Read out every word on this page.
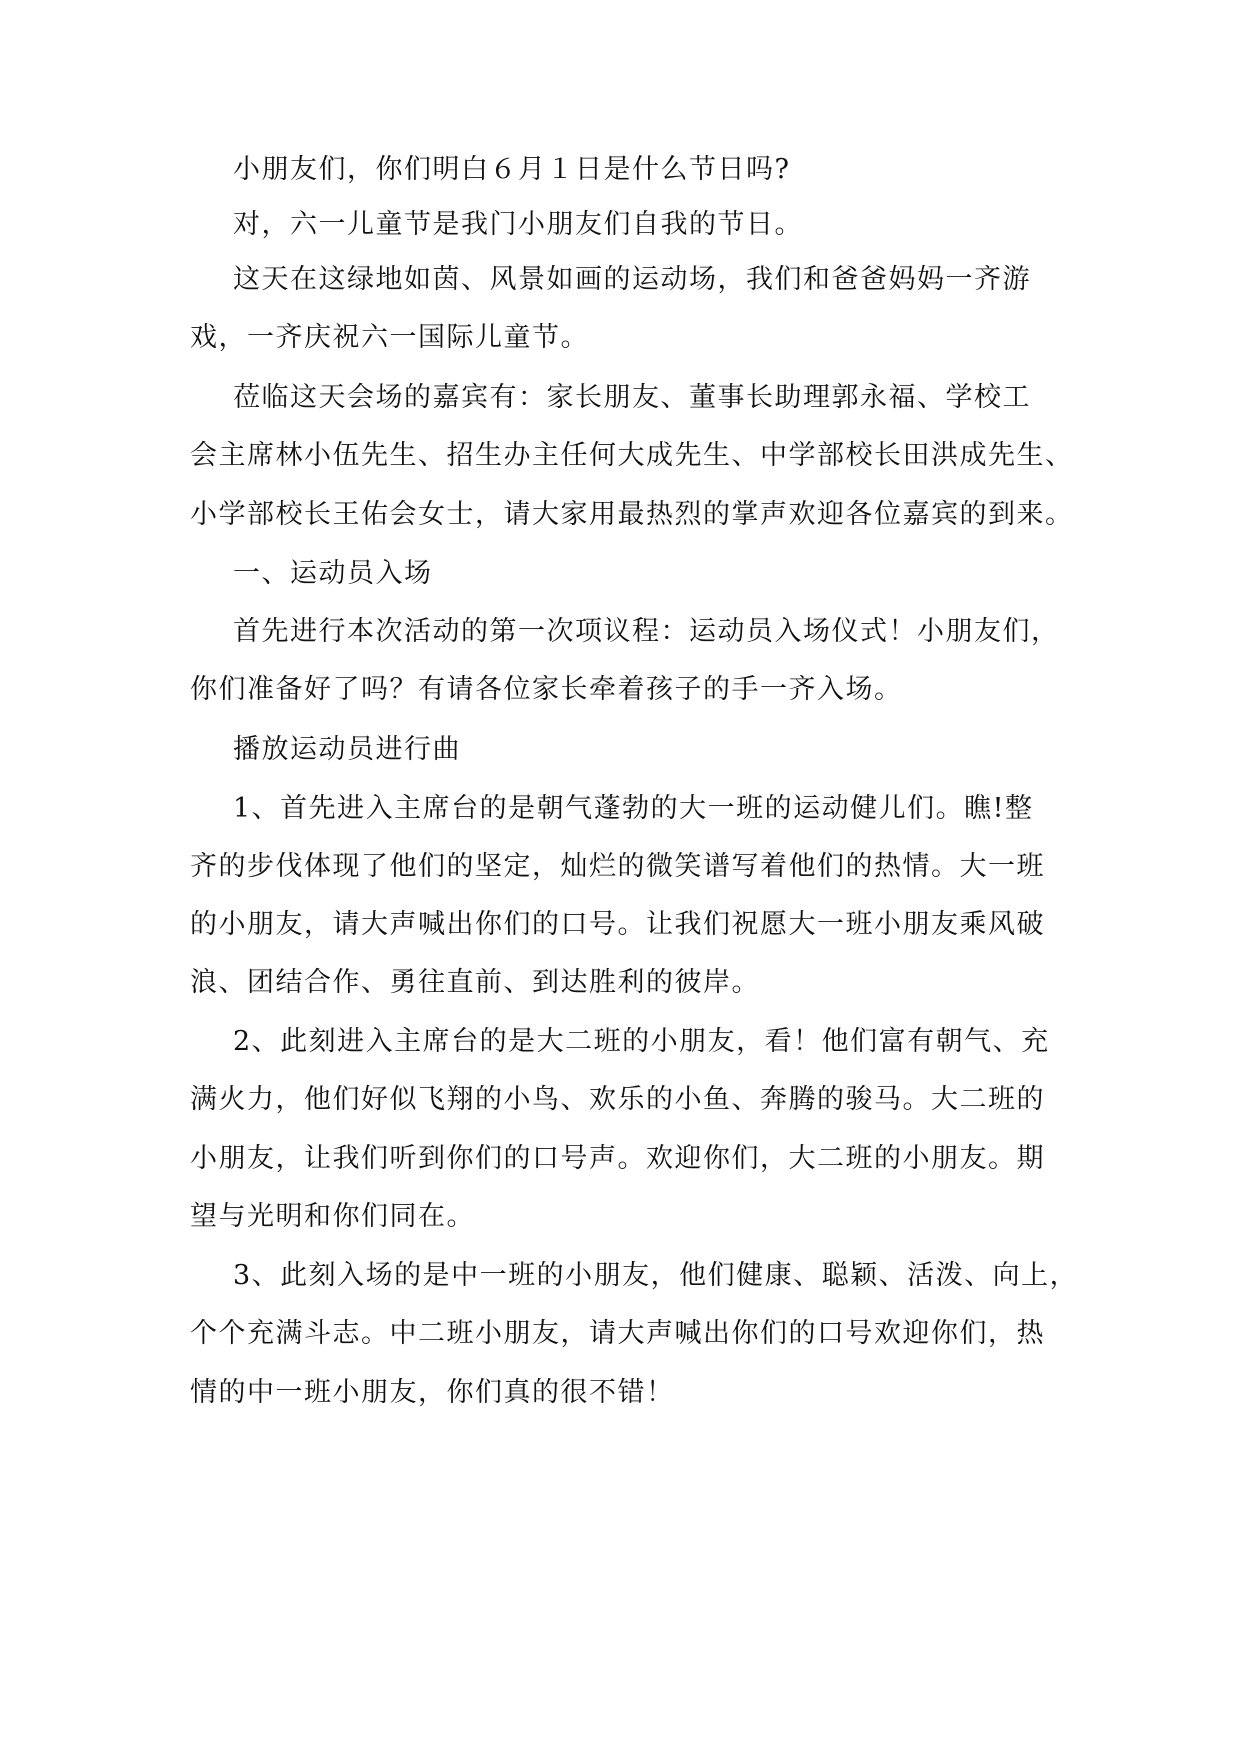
小朋友们，你们明白６月１日是什么节日吗?
对，六一儿童节是我门小朋友们自我的节日。
这天在这绿地如茵、风景如画的运动场，我们和爸爸妈妈一齐游
戏，一齐庆祝六一国际儿童节。
莅临这天会场的嘉宾有：家长朋友、董事长助理郭永福、学校工
会主席林小伍先生、招生办主任何大成先生、中学部校长田洪成先生、
小学部校长王佑会女士，请大家用最热烈的掌声欢迎各位嘉宾的到来。
一、运动员入场
首先进行本次活动的第一次项议程：运动员入场仪式！小朋友们，
你们准备好了吗？有请各位家长牵着孩子的手一齐入场。
播放运动员进行曲
1、首先进入主席台的是朝气蓬勃的大一班的运动健儿们。瞧!整
齐的步伐体现了他们的坚定，灿烂的微笑谱写着他们的热情。大一班
的小朋友，请大声喊出你们的口号。让我们祝愿大一班小朋友乘风破
浪、团结合作、勇往直前、到达胜利的彼岸。
2、此刻进入主席台的是大二班的小朋友，看！他们富有朝气、充
满火力，他们好似飞翔的小鸟、欢乐的小鱼、奔腾的骏马。大二班的
小朋友，让我们听到你们的口号声。欢迎你们，大二班的小朋友。期
望与光明和你们同在。
3、此刻入场的是中一班的小朋友，他们健康、聪颖、活泼、向上，
个个充满斗志。中二班小朋友，请大声喊出你们的口号欢迎你们，热
情的中一班小朋友，你们真的很不错！
